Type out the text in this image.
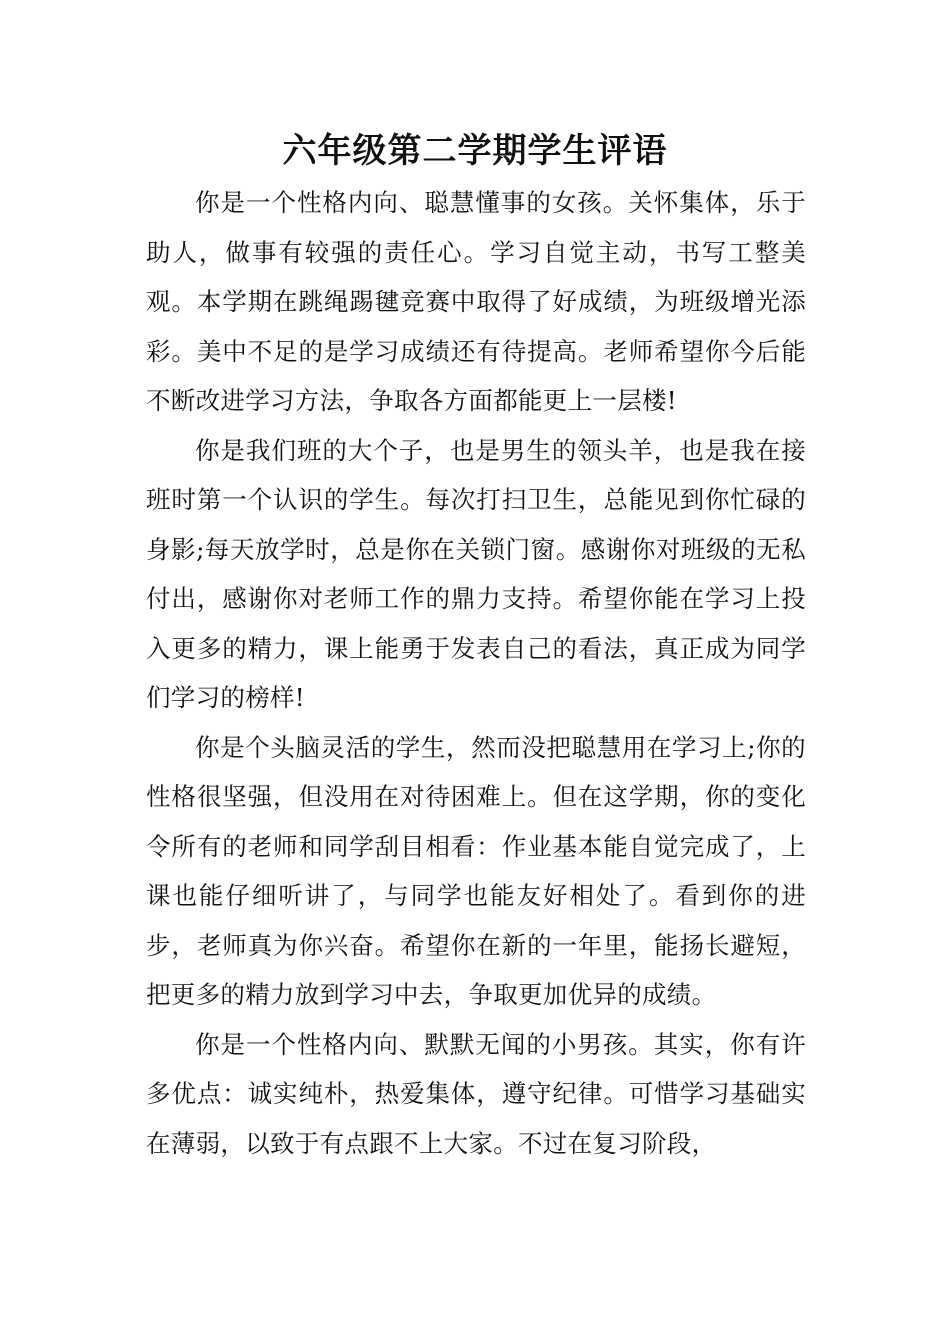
六年级第二学期学生评语

你是一个性格内向、聪慧懂事的女孩。关怀集体，乐于助人，做事有较强的责任心。学习自觉主动，书写工整美观。本学期在跳绳踢毽竞赛中取得了好成绩，为班级增光添彩。美中不足的是学习成绩还有待提高。老师希望你今后能不断改进学习方法，争取各方面都能更上一层楼!

你是我们班的大个子，也是男生的领头羊，也是我在接班时第一个认识的学生。每次打扫卫生，总能见到你忙碌的身影;每天放学时，总是你在关锁门窗。感谢你对班级的无私付出，感谢你对老师工作的鼎力支持。希望你能在学习上投入更多的精力，课上能勇于发表自己的看法，真正成为同学们学习的榜样!

你是个头脑灵活的学生，然而没把聪慧用在学习上;你的性格很坚强，但没用在对待困难上。但在这学期，你的变化令所有的老师和同学刮目相看：作业基本能自觉完成了，上课也能仔细听讲了，与同学也能友好相处了。看到你的进步，老师真为你兴奋。希望你在新的一年里，能扬长避短，把更多的精力放到学习中去，争取更加优异的成绩。

你是一个性格内向、默默无闻的小男孩。其实，你有许多优点：诚实纯朴，热爱集体，遵守纪律。可惜学习基础实在薄弱，以致于有点跟不上大家。不过在复习阶段，
